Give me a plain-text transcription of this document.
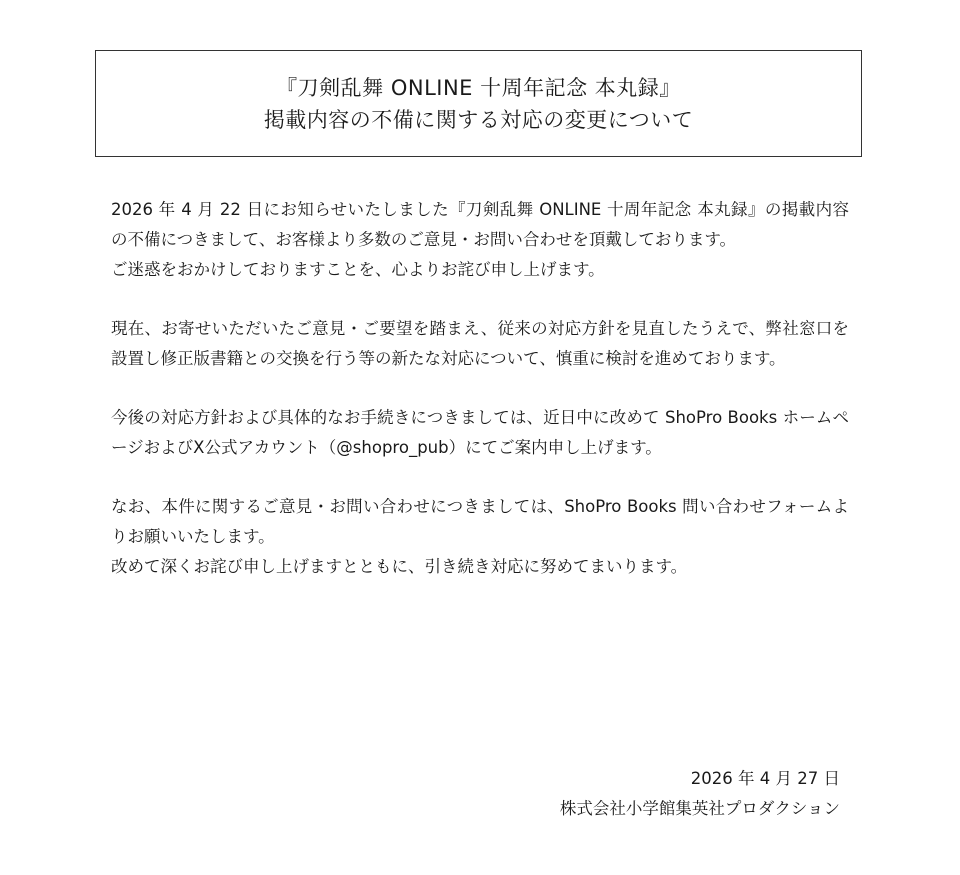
『刀剣乱舞 ONLINE 十周年記念 本丸録』
掲載内容の不備に関する対応の変更について

2026 年 4 月 22 日にお知らせいたしました『刀剣乱舞 ONLINE 十周年記念 本丸録』の掲載内容の不備につきまして、お客様より多数のご意見・お問い合わせを頂戴しております。
ご迷惑をおかけしておりますことを、心よりお詫び申し上げます。

現在、お寄せいただいたご意見・ご要望を踏まえ、従来の対応方針を見直したうえで、弊社窓口を設置し修正版書籍との交換を行う等の新たな対応について、慎重に検討を進めております。

今後の対応方針および具体的なお手続きにつきましては、近日中に改めて ShoPro Books ホームページおよびX公式アカウント（@shopro_pub）にてご案内申し上げます。

なお、本件に関するご意見・お問い合わせにつきましては、ShoPro Books 問い合わせフォームよりお願いいたします。
改めて深くお詫び申し上げますとともに、引き続き対応に努めてまいります。

2026 年 4 月 27 日
株式会社小学館集英社プロダクション
